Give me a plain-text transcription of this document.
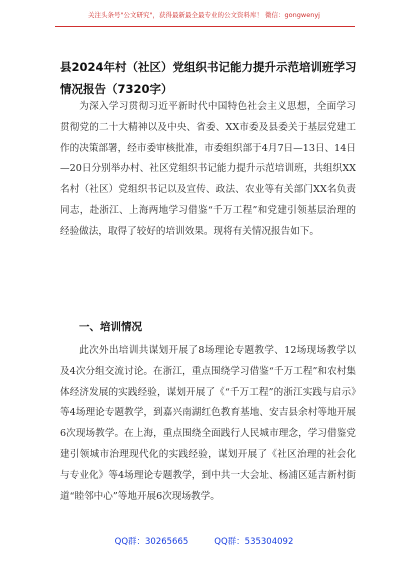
关注头条号"公文研究"，获得最新最全最专业的公文资料库！ 微信：gongwenyj
县2024年村（社区）党组织书记能力提升示范培训班学习情况报告（7320字）

为深入学习贯彻习近平新时代中国特色社会主义思想，全面学习贯彻党的二十大精神以及中央、省委、XX市委及县委关于基层党建工作的决策部署，经市委审核批准，市委组织部于4月7日—13日、14日—20日分别举办村、社区党组织书记能力提升示范培训班，共组织XX名村（社区）党组织书记以及宣传、政法、农业等有关部门XX名负责同志，赴浙江、上海两地学习借鉴“千万工程”和党建引领基层治理的经验做法，取得了较好的培训效果。现将有关情况报告如下。

一、培训情况

此次外出培训共谋划开展了8场理论专题教学、12场现场教学以及4次分组交流讨论。在浙江，重点围绕学习借鉴“千万工程”和农村集体经济发展的实践经验，谋划开展了《“千万工程”的浙江实践与启示》等4场理论专题教学，到嘉兴南湖红色教育基地、安吉县余村等地开展6次现场教学。在上海，重点围绕全面践行人民城市理念，学习借鉴党建引领城市治理现代化的实践经验，谋划开展了《社区治理的社会化与专业化》等4场理论专题教学，到中共一大会址、杨浦区延吉新村街道“睦邻中心”等地开展6次现场教学。

QQ群：30265665	QQ群：535304092
